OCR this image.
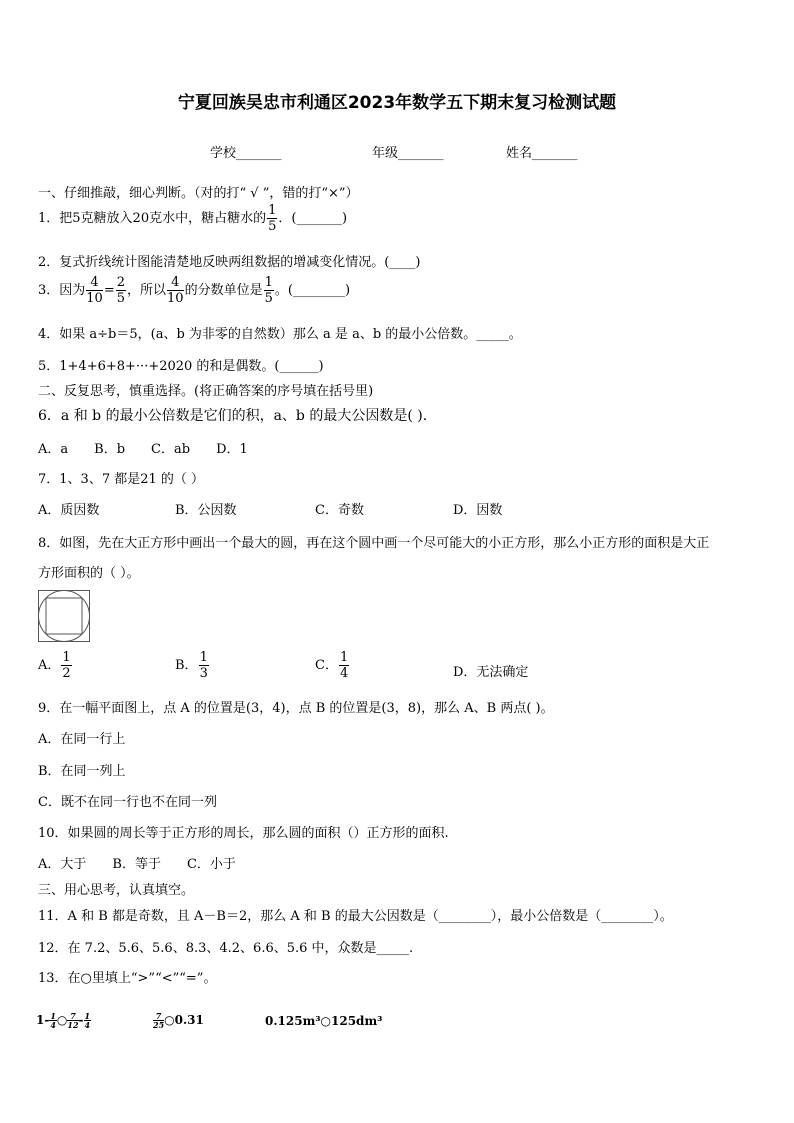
宁夏回族吴忠市利通区2023年数学五下期末复习检测试题
学校_______	年级_______	姓名_______
一、仔细推敲，细心判断。（对的打“ √ ”，错的打“×”）
1．把5克糖放入20克水中，糖占糖水的 $\frac{1}{5}$ ．(_______)
2．复式折线统计图能清楚地反映两组数据的增减变化情况。(____)
3．因为 $\frac{4}{10} = \frac{2}{5}$ ，所以 $\frac{4}{10}$ 的分数单位是 $\frac{1}{5}$ 。(________)
4．如果 a÷b＝5，(a、b 为非零的自然数）那么 a 是 a、b 的最小公倍数。_____。
5．1+4+6+8+···+2020 的和是偶数。(______)
二、反复思考，慎重选择。(将正确答案的序号填在括号里)
6．a 和 b 的最小公倍数是它们的积，a、b 的最大公因数是( ).
A．a B．b C．ab D．1
7．1、3、7 都是21 的（ ）
A．质因数	B．公因数	C．奇数	D．因数
8．如图，先在大正方形中画出一个最大的圆，再在这个圆中画一个尽可能大的小正方形，那么小正方形的面积是大正
方形面积的（ ）。
A． $\frac{1}{2}$	B． $\frac{1}{3}$	C． $\frac{1}{4}$	D．无法确定
9．在一幅平面图上，点 A 的位置是(3，4)，点 B 的位置是(3，8)，那么 A、B 两点( )。
A．在同一行上
B．在同一列上
C．既不在同一行也不在同一列
10．如果圆的周长等于正方形的周长，那么圆的面积（）正方形的面积.
A．大于 B．等于 C．小于
三、用心思考，认真填空。
11．A 和 B 都是奇数，且 A－B＝2，那么 A 和 B 的最大公因数是（________），最小公倍数是（________）。
12．在 7.2、5.6、5.6、8.3、4.2、6.6、5.6 中，众数是_____.
13．在○里填上“>”“<”“=”。
$1- \frac{1}{4}$ ○ $\frac{7}{12} - \frac{1}{4}$	$\frac{7}{25}$ ○0.31	0.125m³○125dm³
